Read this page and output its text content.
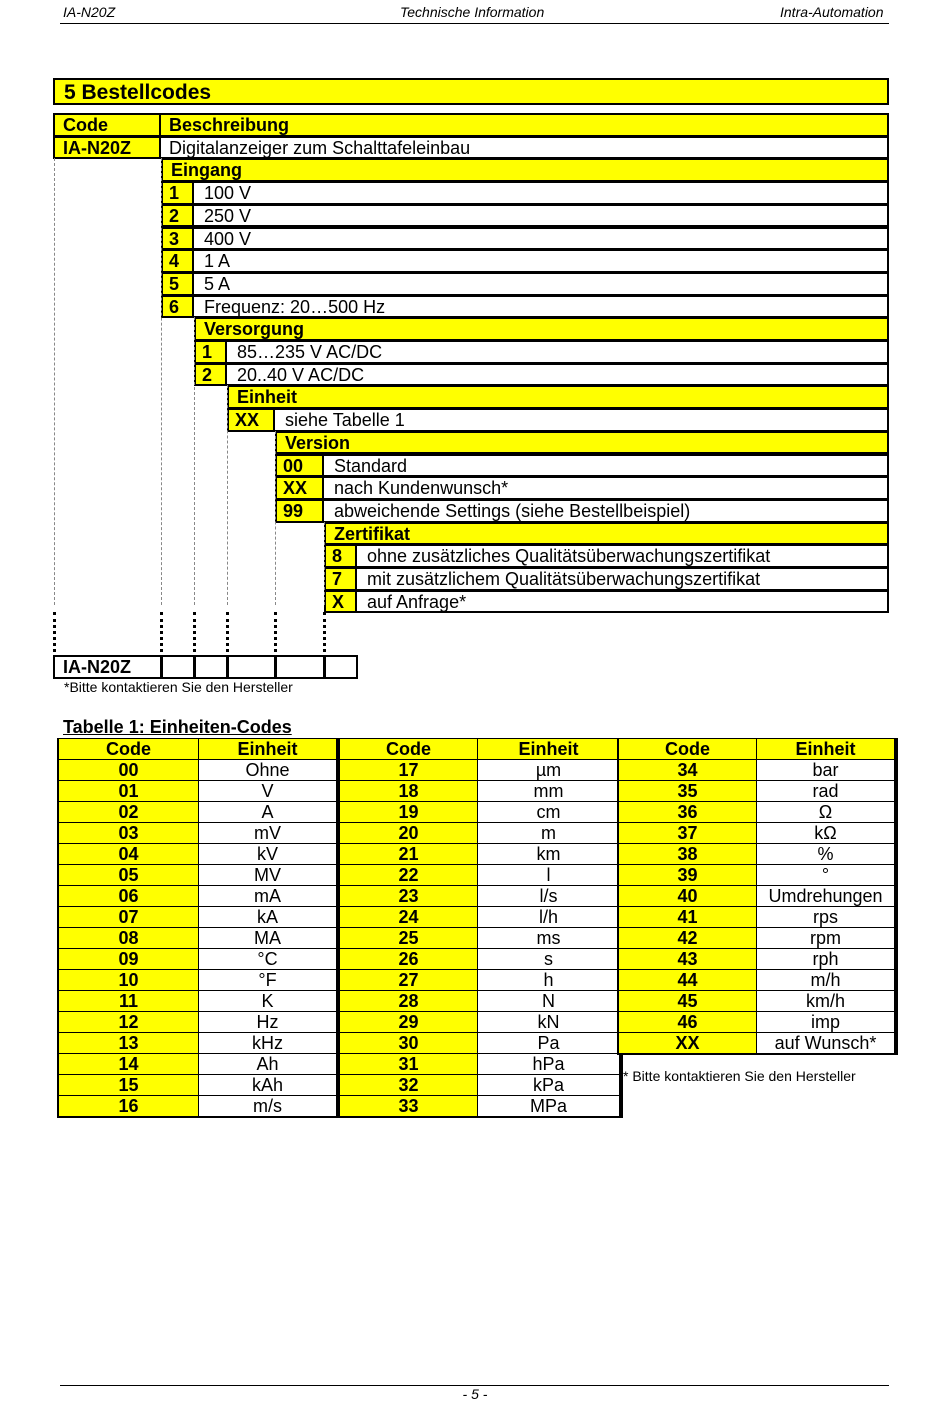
IA-N20Z	Technische Information	Intra-Automation
5 Bestellcodes
Code	Beschreibung
IA-N20Z	Digitalanzeiger zum Schalttafeleinbau
Eingang
1	100 V
2	250 V
3	400 V
4	1 A
5	5 A
6	Frequenz: 20…500 Hz
Versorgung
1	85…235 V AC/DC
2	20..40 V AC/DC
Einheit
XX	siehe Tabelle 1
Version
00	Standard
XX	nach Kundenwunsch*
99	abweichende Settings (siehe Bestellbeispiel)
Zertifikat
8	ohne zusätzliches Qualitätsüberwachungszertifikat
7	mit zusätzlichem Qualitätsüberwachungszertifikat
X	auf Anfrage*
IA-N20Z
*Bitte kontaktieren Sie den Hersteller
Tabelle 1: Einheiten-Codes
Code	Einheit
00	Ohne
01	V
02	A
03	mV
04	kV
05	MV
06	mA
07	kA
08	MA
09	°C
10	°F
11	K
12	Hz
13	kHz
14	Ah
15	kAh
16	m/s
Code	Einheit
17	µm
18	mm
19	cm
20	m
21	km
22	l
23	l/s
24	l/h
25	ms
26	s
27	h
28	N
29	kN
30	Pa
31	hPa
32	kPa
33	MPa
Code	Einheit
34	bar
35	rad
36	Ω
37	kΩ
38	%
39	°
40	Umdrehungen
41	rps
42	rpm
43	rph
44	m/h
45	km/h
46	imp
XX	auf Wunsch*
* Bitte kontaktieren Sie den Hersteller
- 5 -
